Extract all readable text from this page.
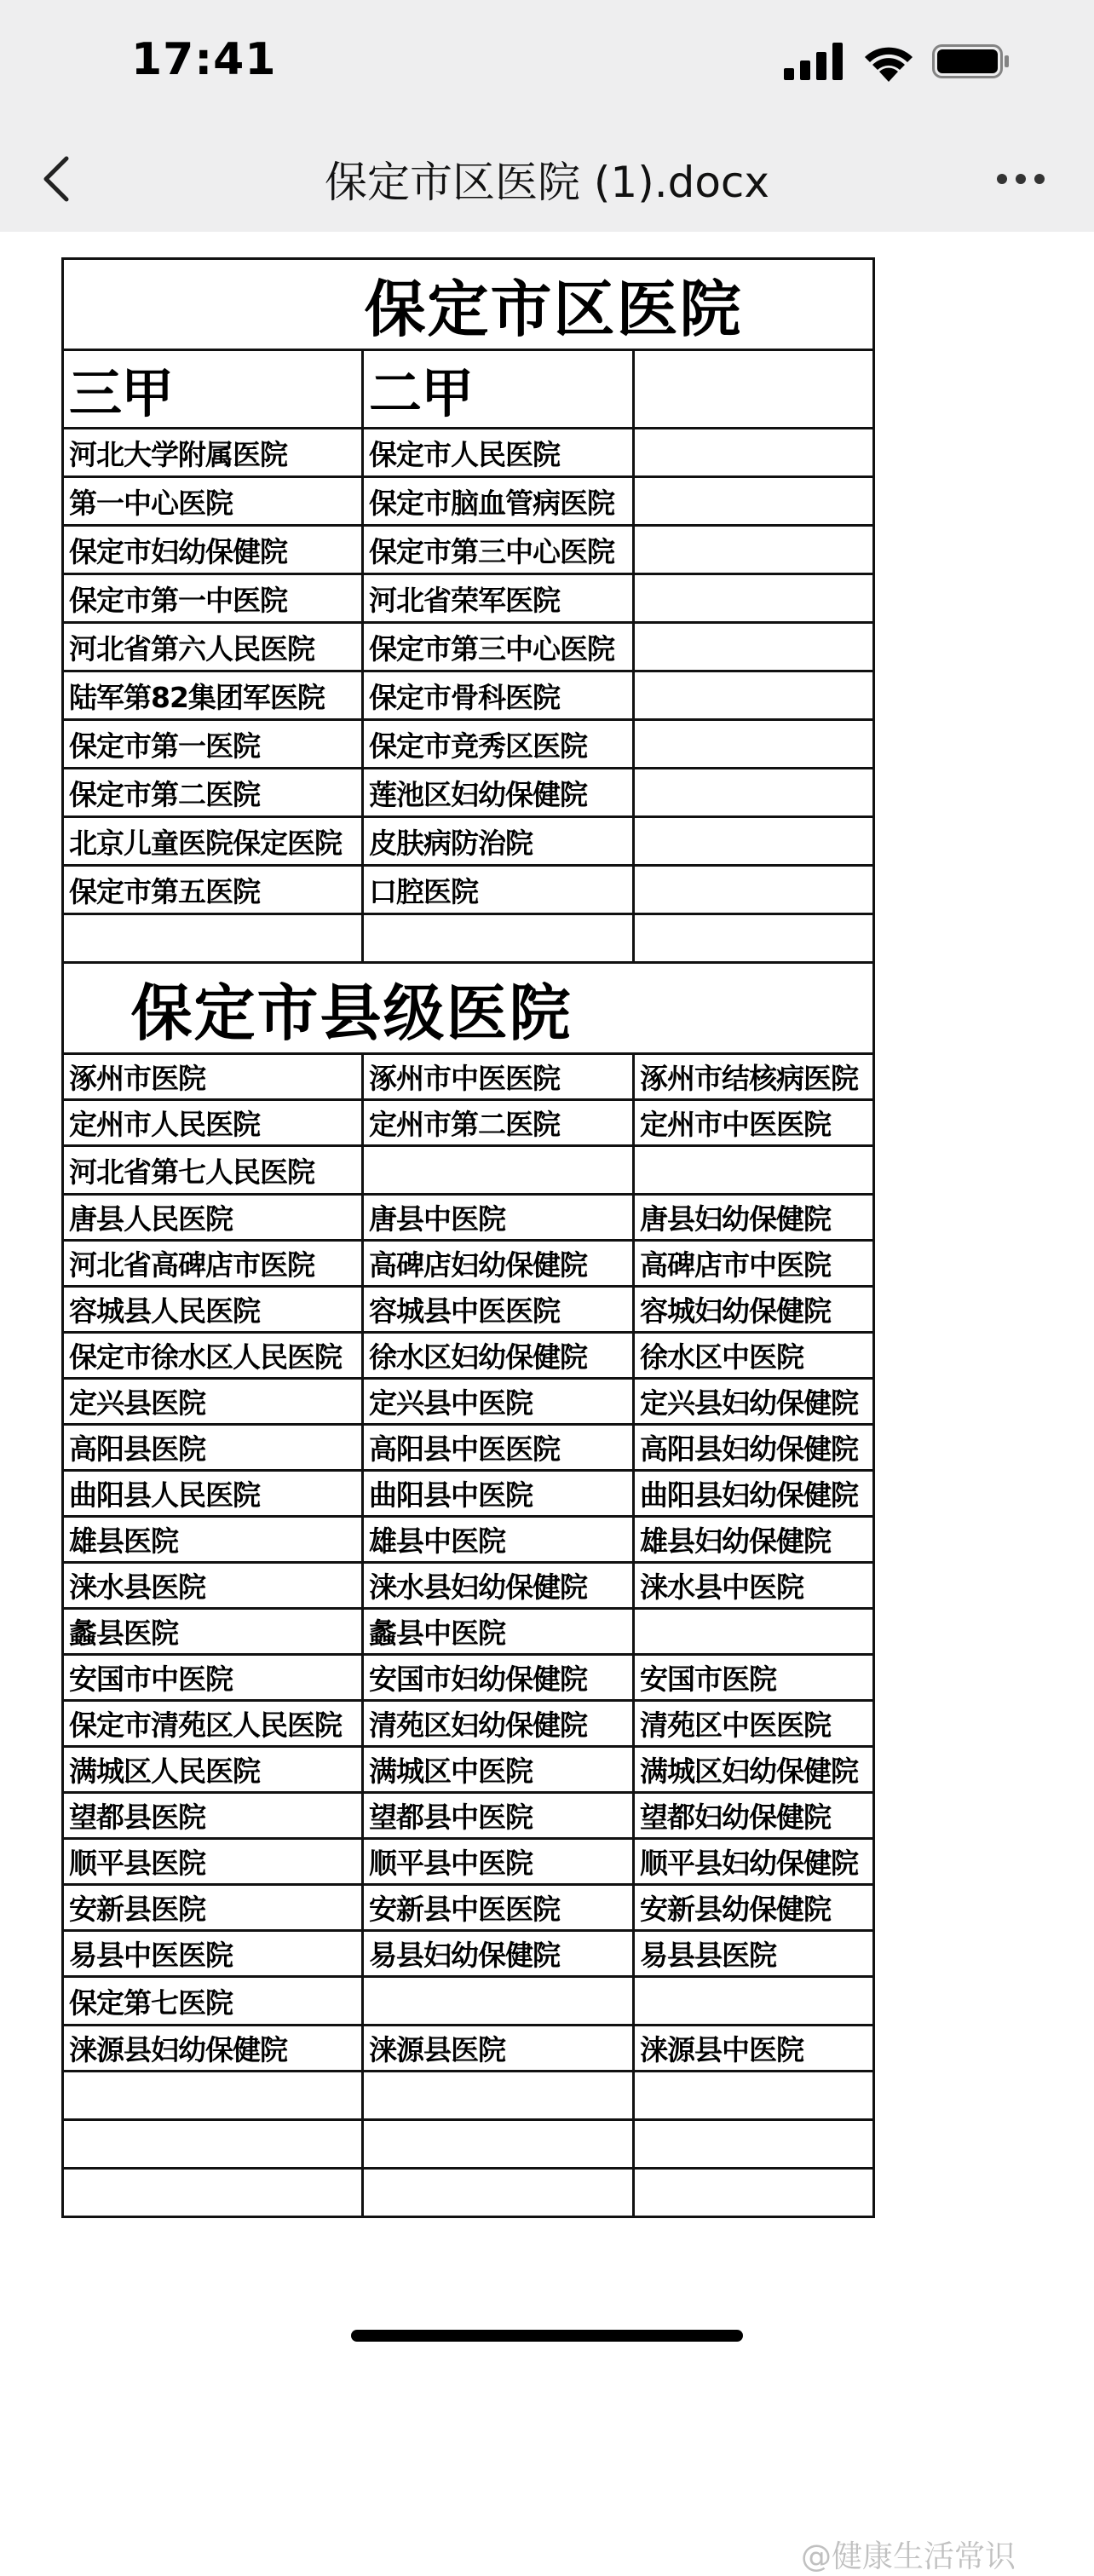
17:41
保定市区医院 (1).docx
保定市区医院		
三甲	二甲	
河北大学附属医院	保定市人民医院	
第一中心医院	保定市脑血管病医院	
保定市妇幼保健院	保定市第三中心医院	
保定市第一中医院	河北省荣军医院	
河北省第六人民医院	保定市第三中心医院	
陆军第82集团军医院	保定市骨科医院	
保定市第一医院	保定市竞秀区医院	
保定市第二医院	莲池区妇幼保健院	
北京儿童医院保定医院	皮肤病防治院	
保定市第五医院	口腔医院	

保定市县级医院		
涿州市医院	涿州市中医医院	涿州市结核病医院
定州市人民医院	定州市第二医院	定州市中医医院
河北省第七人民医院		
唐县人民医院	唐县中医院	唐县妇幼保健院
河北省高碑店市医院	高碑店妇幼保健院	高碑店市中医院
容城县人民医院	容城县中医医院	容城妇幼保健院
保定市徐水区人民医院	徐水区妇幼保健院	徐水区中医院
定兴县医院	定兴县中医院	定兴县妇幼保健院
高阳县医院	高阳县中医医院	高阳县妇幼保健院
曲阳县人民医院	曲阳县中医院	曲阳县妇幼保健院
雄县医院	雄县中医院	雄县妇幼保健院
涞水县医院	涞水县妇幼保健院	涞水县中医院
蠡县医院	蠡县中医院	
安国市中医院	安国市妇幼保健院	安国市医院
保定市清苑区人民医院	清苑区妇幼保健院	清苑区中医医院
满城区人民医院	满城区中医院	满城区妇幼保健院
望都县医院	望都县中医院	望都妇幼保健院
顺平县医院	顺平县中医院	顺平县妇幼保健院
安新县医院	安新县中医医院	安新县幼保健院
易县中医医院	易县妇幼保健院	易县县医院
保定第七医院		
涞源县妇幼保健院	涞源县医院	涞源县中医院

@健康生活常识
